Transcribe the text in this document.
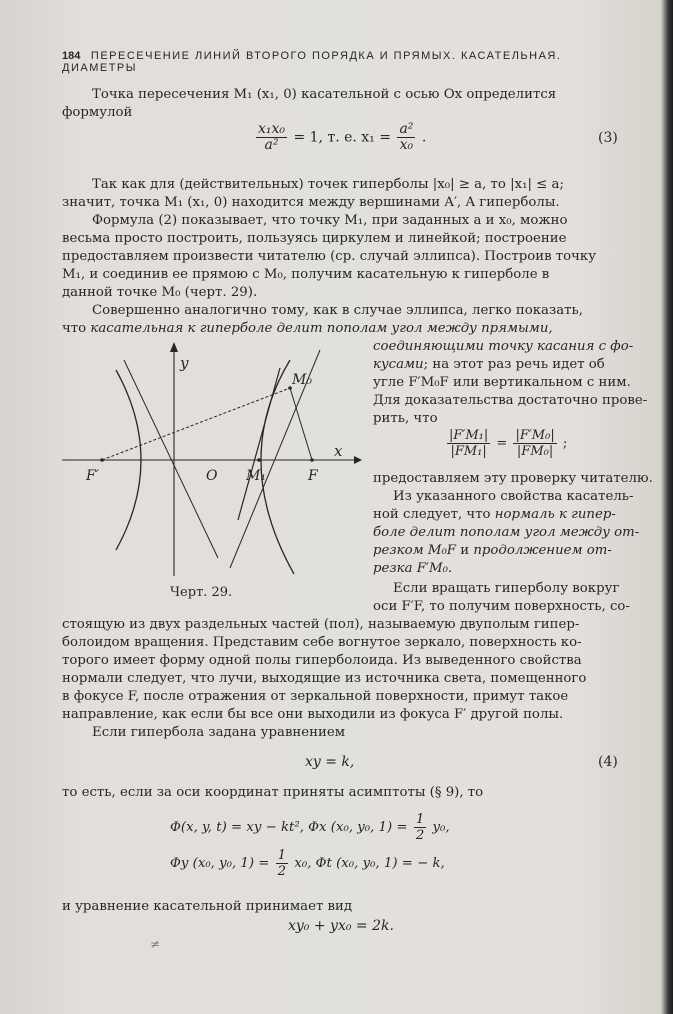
184 ПЕРЕСЕЧЕНИЕ ЛИНИЙ ВТОРОГО ПОРЯДКА И ПРЯМЫХ. КАСАТЕЛЬНАЯ. ДИАМЕТРЫ
Точка пересечения M₁ (x₁, 0) касательной с осью Ox определится
формулой
$\frac{\text{x₁x₀}}{\text{a²}} = 1$, т. е. $x_1 = \frac{\text{a²}}{\text{x₀}}$ .	(3)
Так как для (действительных) точек гиперболы |x₀| ≥ a, то |x₁| ≤ a;
значит, точка M₁ (x₁, 0) находится между вершинами A′, A гиперболы.
Формула (2) показывает, что точку M₁, при заданных a и x₀, можно
весьма просто построить, пользуясь циркулем и линейкой; построение
предоставляем произвести читателю (ср. случай эллипса). Построив точку
M₁, и соединив ее прямою с M₀, получим касательную к гиперболе в
данной точке M₀ (черт. 29).
Совершенно аналогично тому, как в случае эллипса, легко показать,
что касательная к гиперболе делит пополам угол между прямыми,
y
x
F′	F
O M₁
M₀
Черт. 29.
соединяющими точку касания с фо-
кусами; на этот раз речь идет об
угле F′M₀F или вертикальном с ним.
Для доказательства достаточно прове-
рить, что
$\frac{\text{|F′M₁|}}{\text{|FM₁|}} = \frac{\text{|F′M₀|}}{\text{|FM₀|}}$ ;
предоставляем эту проверку читателю.
Из указанного свойства касатель-
ной следует, что нормаль к гипер-
боле делит пополам угол между от-
резком M₀F и продолжением от-
резка F′M₀.
Если вращать гиперболу вокруг
оси F′F, то получим поверхность, со-
стоящую из двух раздельных частей (пол), называемую двуполым гипер-
болоидом вращения. Представим себе вогнутое зеркало, поверхность ко-
торого имеет форму одной полы гиперболоида. Из выведенного свойства
нормали следует, что лучи, выходящие из источника света, помещенного
в фокусе F, после отражения от зеркальной поверхности, примут такое
направление, как если бы все они выходили из фокуса F′ другой полы.
Если гипербола задана уравнением
xy = k,	(4)
то есть, если за оси координат приняты асимптоты (§ 9), то
Φ(x, y, t) = xy − kt², Φx (x₀, y₀, $1) = \frac{1}{2} y_0$,
Φy (x₀, y₀, $1) = \frac{1}{2} x_0$, Φt (x₀, y₀, 1) = − k,
и уравнение касательной принимает вид
xy₀ + yx₀ = 2k.
≠
